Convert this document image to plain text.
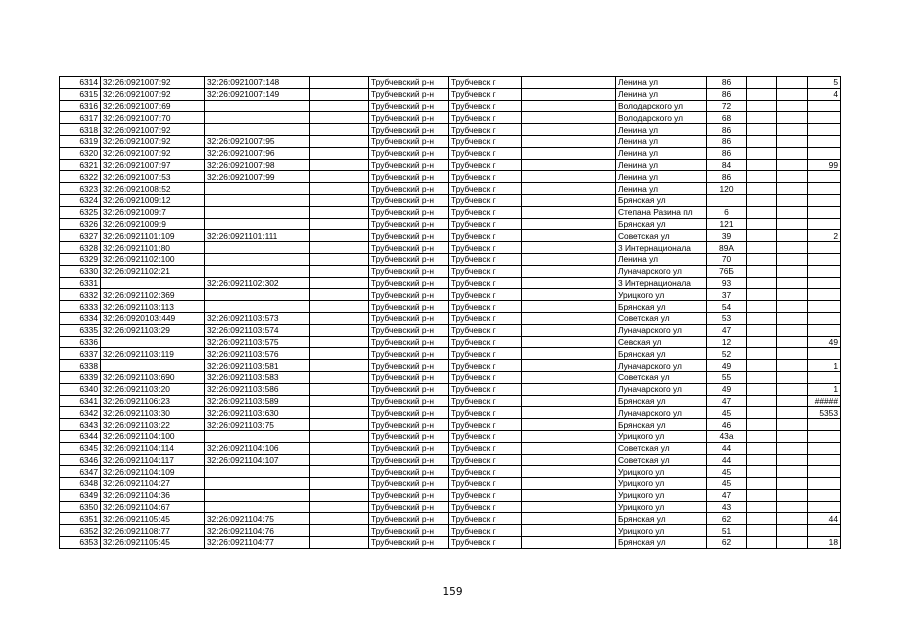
6314	32:26:0921007:92	32:26:0921007:148		Трубчевский р-н	Трубчевск г		Ленина ул	86			5
6315	32:26:0921007:92	32:26:0921007:149		Трубчевский р-н	Трубчевск г		Ленина ул	86			4
6316	32:26:0921007:69			Трубчевский р-н	Трубчевск г		Володарского ул	72			
6317	32:26:0921007:70			Трубчевский р-н	Трубчевск г		Володарского ул	68			
6318	32:26:0921007:92			Трубчевский р-н	Трубчевск г		Ленина ул	86			
6319	32:26:0921007:92	32:26:0921007:95		Трубчевский р-н	Трубчевск г		Ленина ул	86			
6320	32:26:0921007:92	32:26:0921007:96		Трубчевский р-н	Трубчевск г		Ленина ул	86			
6321	32:26:0921007:97	32:26:0921007:98		Трубчевский р-н	Трубчевск г		Ленина ул	84			99
6322	32:26:0921007:53	32:26:0921007:99		Трубчевский р-н	Трубчевск г		Ленина ул	86			
6323	32:26:0921008:52			Трубчевский р-н	Трубчевск г		Ленина ул	120			
6324	32:26:0921009:12			Трубчевский р-н	Трубчевск г		Брянская ул				
6325	32:26:0921009:7			Трубчевский р-н	Трубчевск г		Степана Разина пл	6			
6326	32:26:0921009:9			Трубчевский р-н	Трубчевск г		Брянская ул	121			
6327	32:26:0921101:109	32:26:0921101:111		Трубчевский р-н	Трубчевск г		Советская ул	39			2
6328	32:26:0921101:80			Трубчевский р-н	Трубчевск г		3 Интернационала	89А			
6329	32:26:0921102:100			Трубчевский р-н	Трубчевск г		Ленина ул	70			
6330	32:26:0921102:21			Трубчевский р-н	Трубчевск г		Луначарского ул	76Б			
6331		32:26:0921102:302		Трубчевский р-н	Трубчевск г		3 Интернационала	93			
6332	32:26:0921102:369			Трубчевский р-н	Трубчевск г		Урицкого ул	37			
6333	32:26:0921103:113			Трубчевский р-н	Трубчевск г		Брянская ул	54			
6334	32:26:0920103:449	32:26:0921103:573		Трубчевский р-н	Трубчевск г		Советская ул	53			
6335	32:26:0921103:29	32:26:0921103:574		Трубчевский р-н	Трубчевск г		Луначарского ул	47			
6336		32:26:0921103:575		Трубчевский р-н	Трубчевск г		Севская ул	12			49
6337	32:26:0921103:119	32:26:0921103:576		Трубчевский р-н	Трубчевск г		Брянская ул	52			
6338		32:26:0921103:581		Трубчевский р-н	Трубчевск г		Луначарского ул	49			1
6339	32:26:0921103:690	32:26:0921103:583		Трубчевский р-н	Трубчевск г		Советская ул	55			
6340	32:26:0921103:20	32:26:0921103:586		Трубчевский р-н	Трубчевск г		Луначарского ул	49			1
6341	32:26:0921106:23	32:26:0921103:589		Трубчевский р-н	Трубчевск г		Брянская ул	47			#####
6342	32:26:0921103:30	32:26:0921103:630		Трубчевский р-н	Трубчевск г		Луначарского ул	45			5353
6343	32:26:0921103:22	32:26:0921103:75		Трубчевский р-н	Трубчевск г		Брянская ул	46			
6344	32:26:0921104:100			Трубчевский р-н	Трубчевск г		Урицкого ул	43а			
6345	32:26:0921104:114	32:26:0921104:106		Трубчевский р-н	Трубчевск г		Советская ул	44			
6346	32:26:0921104:117	32:26:0921104:107		Трубчевский р-н	Трубчевск г		Советская ул	44			
6347	32:26:0921104:109			Трубчевский р-н	Трубчевск г		Урицкого ул	45			
6348	32:26:0921104:27			Трубчевский р-н	Трубчевск г		Урицкого ул	45			
6349	32:26:0921104:36			Трубчевский р-н	Трубчевск г		Урицкого ул	47			
6350	32:26:0921104:67			Трубчевский р-н	Трубчевск г		Урицкого ул	43			
6351	32:26:0921105:45	32:26:0921104:75		Трубчевский р-н	Трубчевск г		Брянская ул	62			44
6352	32:26:0921108:77	32:26:0921104:76		Трубчевский р-н	Трубчевск г		Урицкого ул	51			
6353	32:26:0921105:45	32:26:0921104:77		Трубчевский р-н	Трубчевск г		Брянская ул	62			18
159
